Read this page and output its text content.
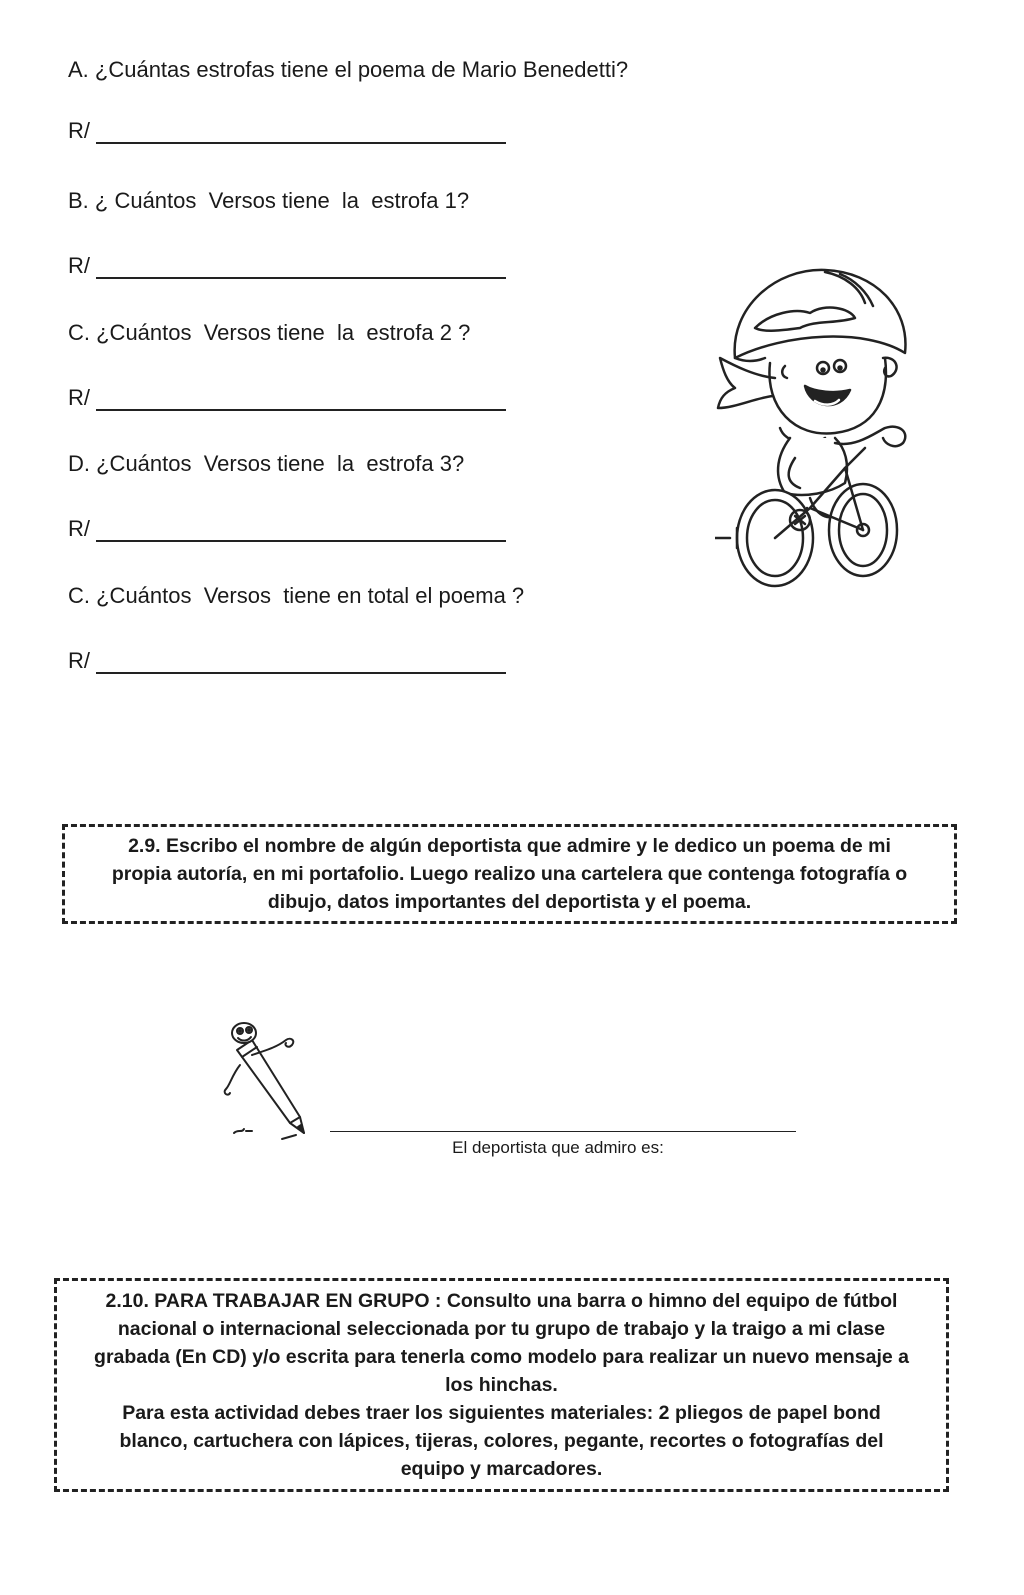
A. ¿Cuántas estrofas tiene el poema de Mario Benedetti?
R/
B. ¿ Cuántos  Versos tiene  la  estrofa 1?
R/
C. ¿Cuántos  Versos tiene  la  estrofa 2 ?
R/
D. ¿Cuántos  Versos tiene  la  estrofa 3?
R/
C. ¿Cuántos  Versos  tiene en total el poema ?
R/

2.9. Escribo el nombre de algún deportista que admire y le dedico un poema de mi

propia autoría, en mi portafolio. Luego realizo una cartelera que contenga fotografía o

dibujo, datos importantes del deportista y el poema.

El deportista que admiro es:

2.10. PARA TRABAJAR EN GRUPO : Consulto una barra o himno del equipo de fútbol

nacional o internacional seleccionada por tu grupo de trabajo y la traigo a mi clase

grabada (En CD) y/o escrita para tenerla como modelo para realizar un nuevo mensaje a

los hinchas.

Para esta actividad debes traer los siguientes materiales: 2 pliegos de papel bond

blanco, cartuchera con lápices, tijeras, colores, pegante, recortes o fotografías del

equipo y marcadores.
